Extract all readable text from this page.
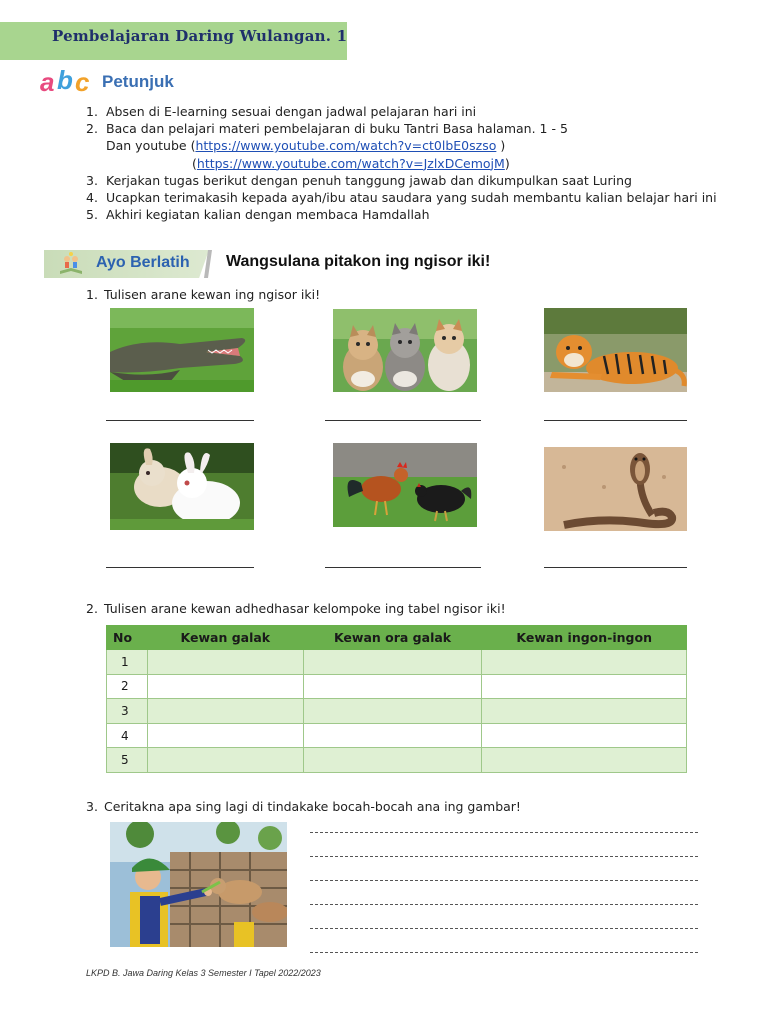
Pembelajaran Daring Wulangan. 1
a b c Petunjuk
1. Absen di E-learning sesuai dengan jadwal pelajaran hari ini
2. Baca dan pelajari materi pembelajaran di buku Tantri Basa halaman. 1 - 5
Dan youtube (https://www.youtube.com/watch?v=ct0lbE0szso )
(https://www.youtube.com/watch?v=JzlxDCemojM)
3. Kerjakan tugas berikut dengan penuh tanggung jawab dan dikumpulkan saat Luring
4. Ucapkan terimakasih kepada ayah/ibu atau saudara yang sudah membantu kalian belajar hari ini
5. Akhiri kegiatan kalian dengan membaca Hamdallah
Ayo Berlatih Wangsulana pitakon ing ngisor iki!
1. Tulisen arane kewan ing ngisor iki!
2. Tulisen arane kewan adhedhasar kelompoke ing tabel ngisor iki!
No	Kewan galak	Kewan ora galak	Kewan ingon-ingon
1			
2			
3			
4			
5			
3. Ceritakna apa sing lagi di tindakake bocah-bocah ana ing gambar!
LKPD B. Jawa Daring Kelas 3 Semester I Tapel 2022/2023
